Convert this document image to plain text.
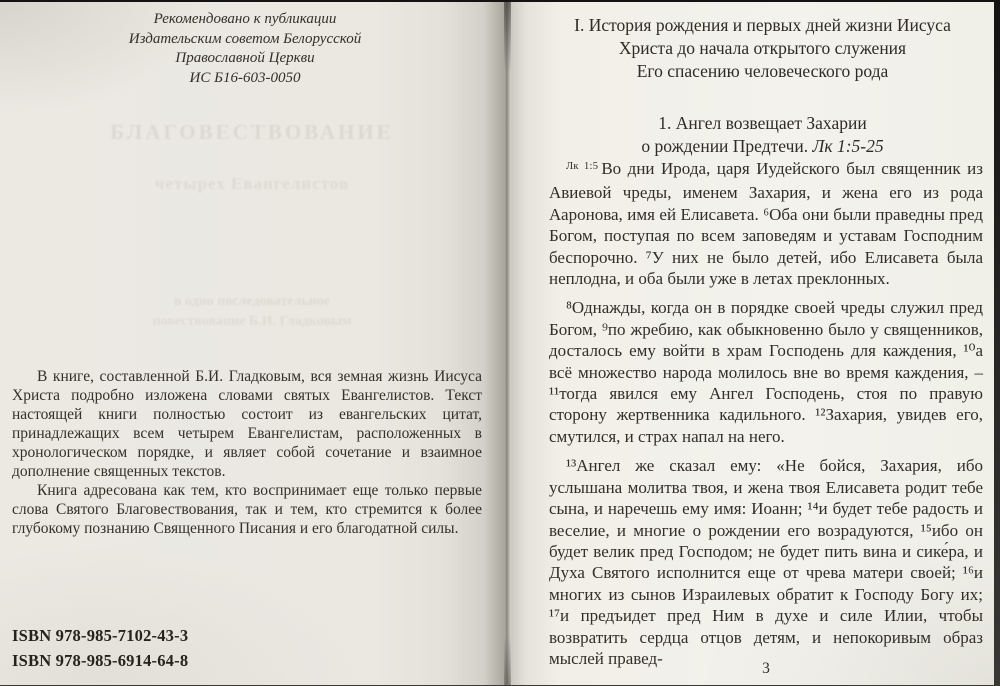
Рекомендовано к публикации
Издательским советом Белорусской
Православной Церкви
ИС Б16-603-0050
БЛАГОВЕСТВОВАНИЕ
четырех Евангелистов
в одно последовательное
повествование Б.И. Гладковым

В книге, составленной Б.И. Гладковым, вся земная жизнь Иисуса Христа подробно изложена словами святых Евангелистов. Текст настоящей книги полностью состоит из евангельских цитат, принадлежащих всем четырем Евангелистам, расположенных в хронологическом порядке, и являет собой сочетание и взаимное дополнение священных текстов.

Книга адресована как тем, кто воспринимает еще только первые слова Святого Благовествования, так и тем, кто стремится к более глубокому познанию Священного Писания и его благодатной силы.

ISBN 978-985-7102-43-3
ISBN 978-985-6914-64-8
I. История рождения и первых дней жизни Иисуса
Христа до начала открытого служения
Его спасению человеческого рода
1. Ангел возвещает Захарии
о рождении Предтечи. Лк 1:5-25

$^{Лк 1:5}$ Во дни Ирода, царя Иудейского был священник из Авиевой чреды, именем Захария, и жена его из рода Ааронова, имя ей Елисавета. ⁶Оба они были праведны пред Богом, поступая по всем заповедям и уставам Господним беспорочно. ⁷У них не было детей, ибо Елисавета была неплодна, и оба были уже в летах преклонных.

⁸Однажды, когда он в порядке своей чреды служил пред Богом, ⁹по жребию, как обыкновенно было у священников, досталось ему войти в храм Господень для каждения, ¹⁰а всё множество народа молилось вне во время каждения, – ¹¹тогда явился ему Ангел Господень, стоя по правую сторону жертвенника кадильного. ¹²Захария, увидев его, смутился, и страх напал на него.

¹³Ангел же сказал ему: «Не бойся, Захария, ибо услышана молитва твоя, и жена твоя Елисавета родит тебе сына, и наречешь ему имя: Иоанн; ¹⁴и будет тебе радость и веселие, и многие о рождении его возрадуются, ¹⁵ибо он будет велик пред Господом; не будет пить вина и сике́ра, и Духа Святого исполнится еще от чрева матери своей; ¹⁶и многих из сынов Израилевых обратит к Господу Богу их; ¹⁷и предъидет пред Ним в духе и силе Илии, чтобы возвратить сердца отцов детям, и непокоривым образ мыслей правед-

3
